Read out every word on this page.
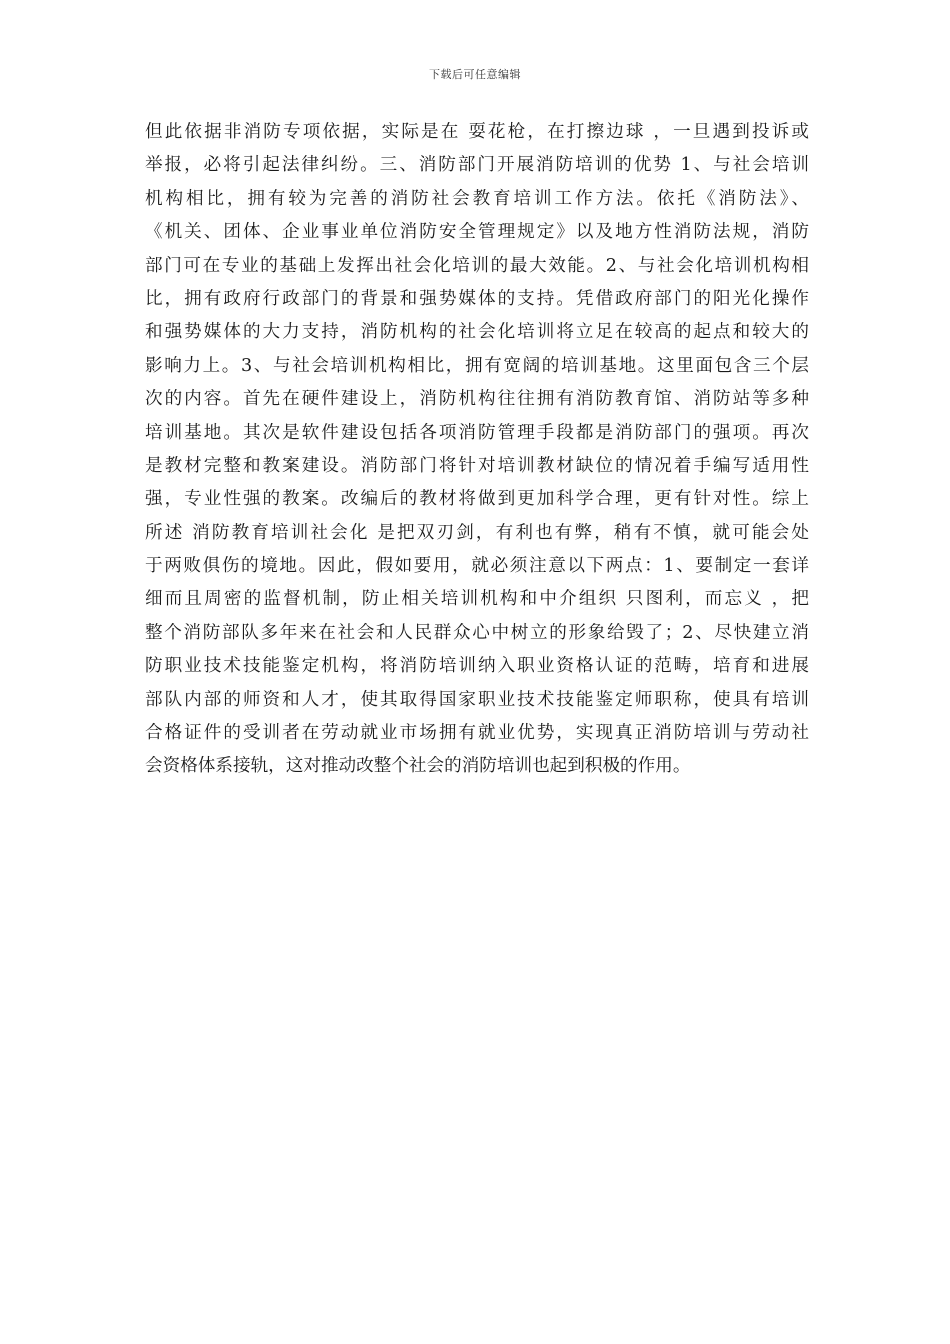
下载后可任意编辑
但此依据非消防专项依据，实际是在 耍花枪，在打擦边球 ，一旦遇到投诉或
举报，必将引起法律纠纷。三、消防部门开展消防培训的优势 1、与社会培训
机构相比，拥有较为完善的消防社会教育培训工作方法。依托《消防法》、
《机关、团体、企业事业单位消防安全管理规定》以及地方性消防法规，消防
部门可在专业的基础上发挥出社会化培训的最大效能。2、与社会化培训机构相
比，拥有政府行政部门的背景和强势媒体的支持。凭借政府部门的阳光化操作
和强势媒体的大力支持，消防机构的社会化培训将立足在较高的起点和较大的
影响力上。3、与社会培训机构相比，拥有宽阔的培训基地。这里面包含三个层
次的内容。首先在硬件建设上，消防机构往往拥有消防教育馆、消防站等多种
培训基地。其次是软件建设包括各项消防管理手段都是消防部门的强项。再次
是教材完整和教案建设。消防部门将针对培训教材缺位的情况着手编写适用性
强，专业性强的教案。改编后的教材将做到更加科学合理，更有针对性。综上
所述 消防教育培训社会化 是把双刃剑，有利也有弊，稍有不慎，就可能会处
于两败俱伤的境地。因此，假如要用，就必须注意以下两点：1、要制定一套详
细而且周密的监督机制，防止相关培训机构和中介组织 只图利，而忘义 ，把
整个消防部队多年来在社会和人民群众心中树立的形象给毁了；2、尽快建立消
防职业技术技能鉴定机构，将消防培训纳入职业资格认证的范畴，培育和进展
部队内部的师资和人才，使其取得国家职业技术技能鉴定师职称，使具有培训
合格证件的受训者在劳动就业市场拥有就业优势，实现真正消防培训与劳动社
会资格体系接轨，这对推动改整个社会的消防培训也起到积极的作用。
